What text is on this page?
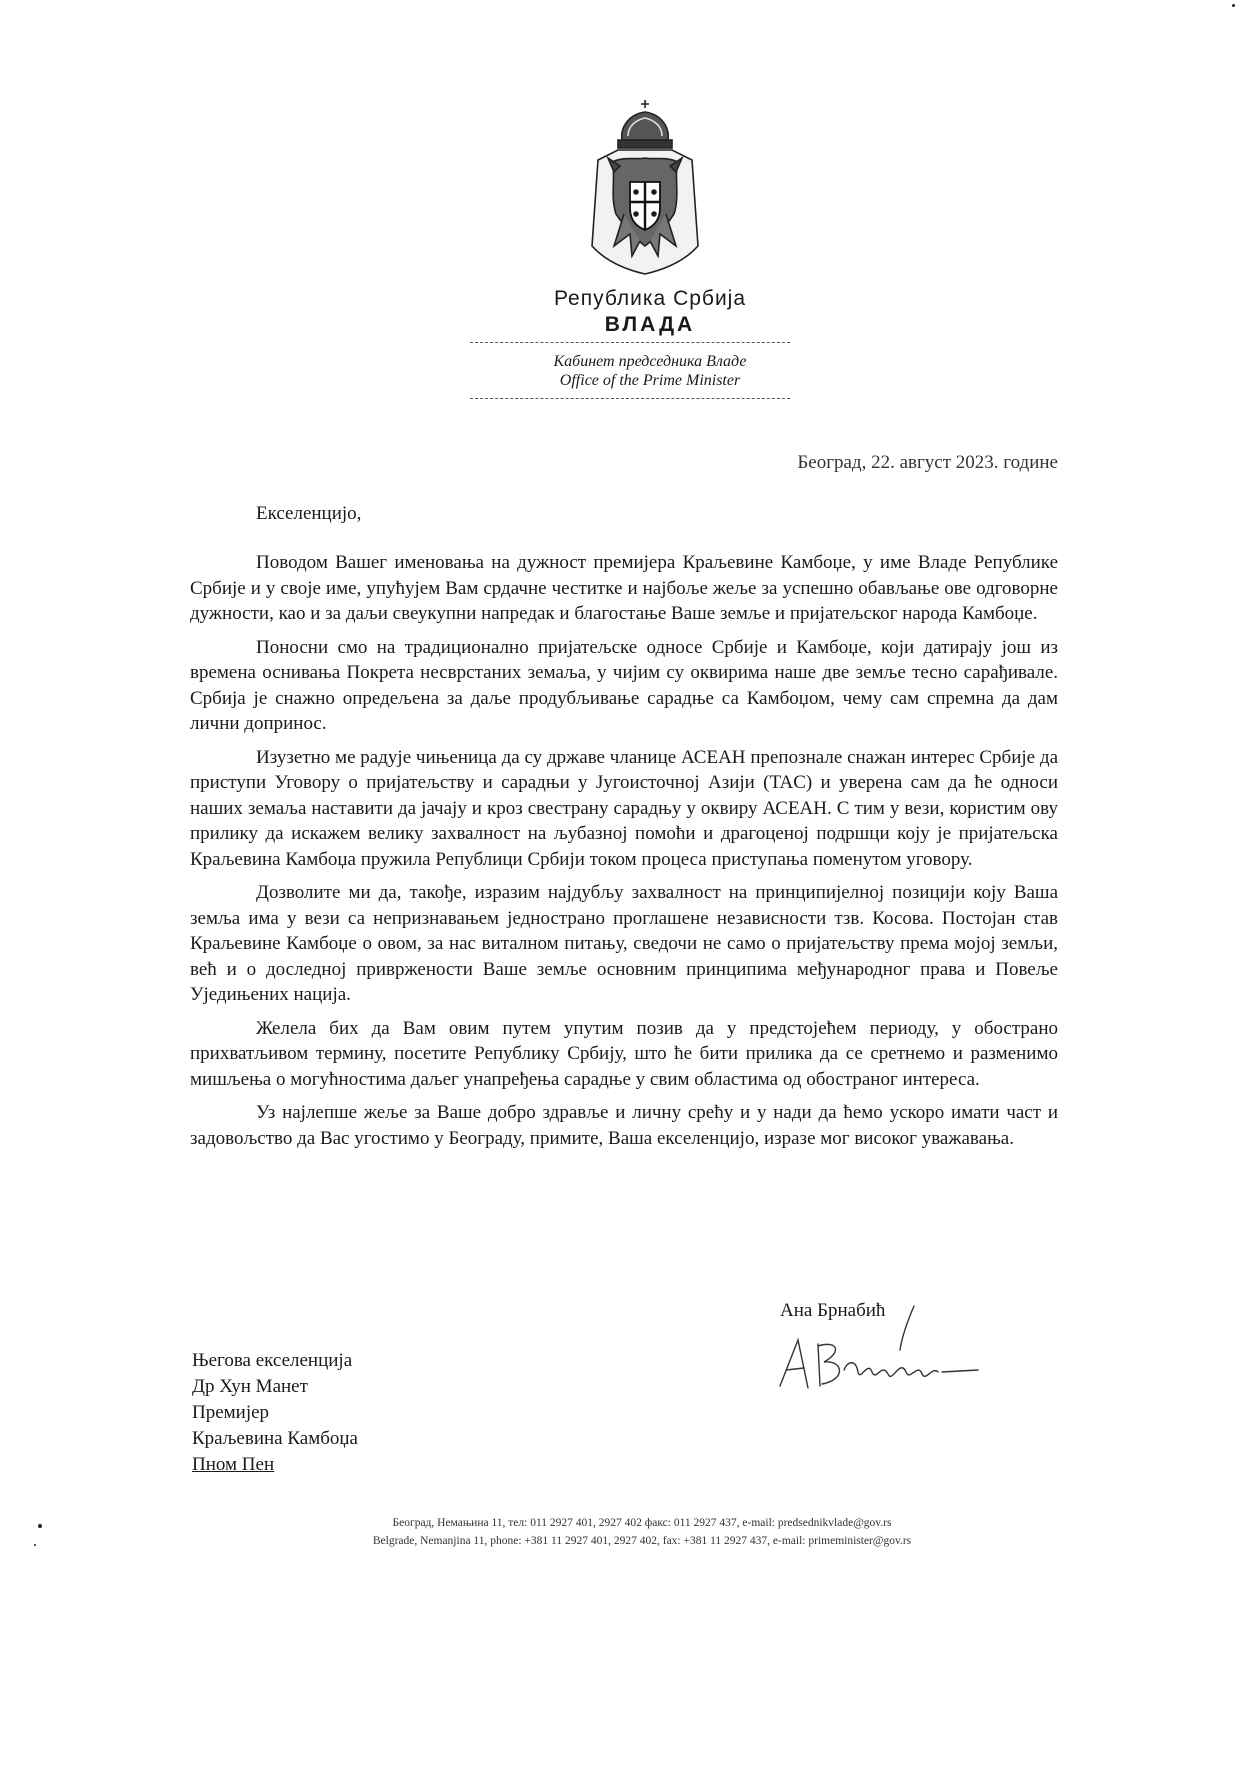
Република Србија
ВЛАДА
Кабинет председника Владе
Office of the Prime Minister
Београд, 22. август 2023. године
Екселенцијо,

Поводом Вашег именовања на дужност премијера Краљевине Камбоџе, у име Владе Републике Србије и у своје име, упућујем Вам срдачне честитке и најбоље жеље за успешно обављање ове одговорне дужности, као и за даљи свеукупни напредак и благостање Ваше земље и пријатељског народа Камбоџе.

Поносни смо на традиционално пријатељске односе Србије и Камбоџе, који датирају још из времена оснивања Покрета несврстаних земаља, у чијим су оквирима наше две земље тесно сарађивале. Србија је снажно опредељена за даље продубљивање сарадње са Камбоџом, чему сам спремна да дам лични допринос.

Изузетно ме радује чињеница да су државе чланице АСЕАН препознале снажан интерес Србије да приступи Уговору о пријатељству и сарадњи у Југоисточној Азији (TAC) и уверена сам да ће односи наших земаља наставити да јачају и кроз свестрану сарадњу у оквиру АСЕАН. С тим у вези, користим ову прилику да искажем велику захвалност на љубазној помоћи и драгоценој подршци коју је пријатељска Краљевина Камбоџа пружила Републици Србији током процеса приступања поменутом уговору.

Дозволите ми да, такође, изразим најдубљу захвалност на принципијелној позицији коју Ваша земља има у вези са непризнавањем једнострано проглашене независности тзв. Косова. Постојан став Краљевине Камбоџе о овом, за нас виталном питању, сведочи не само о пријатељству према мојој земљи, већ и о доследној привржености Ваше земље основним принципима међународног права и Повеље Уједињених нација.

Желела бих да Вам овим путем упутим позив да у предстојећем периоду, у обострано прихватљивом термину, посетите Републику Србију, што ће бити прилика да се сретнемо и разменимо мишљења о могућностима даљег унапређења сарадње у свим областима од обостраног интереса.

Уз најлепше жеље за Ваше добро здравље и личну срећу и у нади да ћемо ускоро имати част и задовољство да Вас угостимо у Београду, примите, Ваша екселенцијо, изразе мог високог уважавања.

Ана Брнабић
Његова екселенција
Др Хун Манет
Премијер
Краљевина Камбоџа
Пном Пен
Београд, Немањина 11, тел: 011 2927 401, 2927 402 факс: 011 2927 437, e-mail: predsednikvlade@gov.rs
Belgrade, Nemanjina 11, phone: +381 11 2927 401, 2927 402, fax: +381 11 2927 437, e-mail: primeminister@gov.rs
